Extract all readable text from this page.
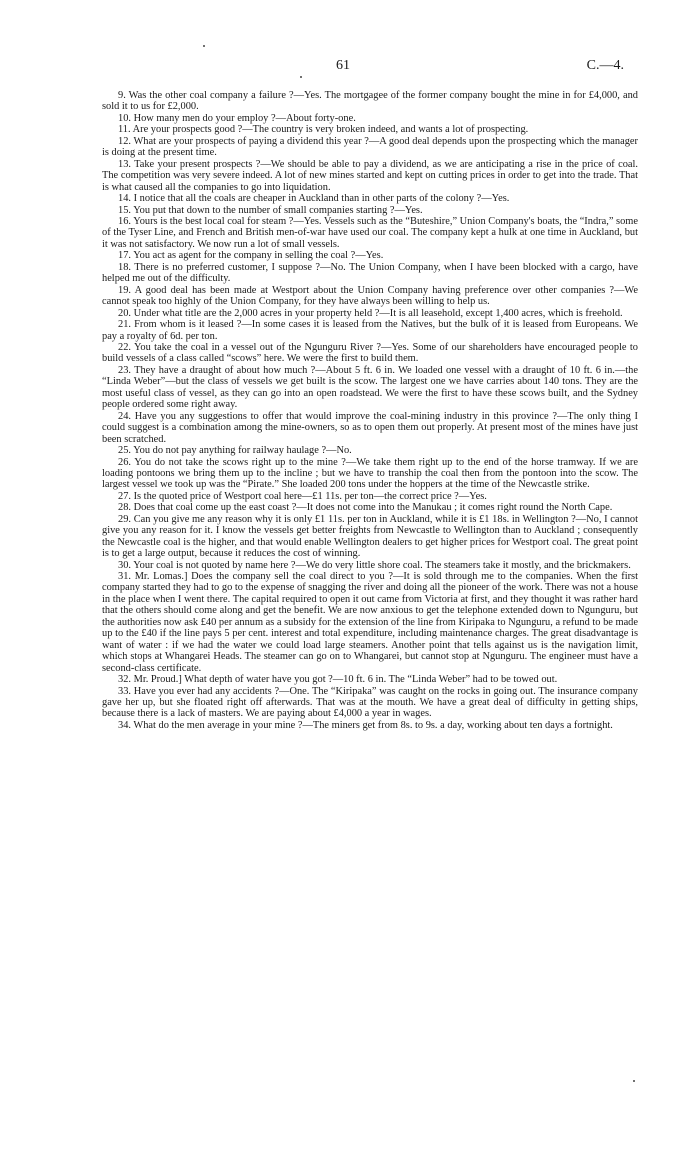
61	C.—4.

9. Was the other coal company a failure ?—Yes. The mortgagee of the former company bought the mine in for £4,000, and sold it to us for £2,000.

10. How many men do your employ ?—About forty-one.

11. Are your prospects good ?—The country is very broken indeed, and wants a lot of prospecting.

12. What are your prospects of paying a dividend this year ?—A good deal depends upon the prospecting which the manager is doing at the present time.

13. Take your present prospects ?—We should be able to pay a dividend, as we are anticipating a rise in the price of coal. The competition was very severe indeed. A lot of new mines started and kept on cutting prices in order to get into the trade. That is what caused all the companies to go into liquidation.

14. I notice that all the coals are cheaper in Auckland than in other parts of the colony ?—Yes.

15. You put that down to the number of small companies starting ?—Yes.

16. Yours is the best local coal for steam ?—Yes. Vessels such as the “Buteshire,” Union Company's boats, the “Indra,” some of the Tyser Line, and French and British men-of-war have used our coal. The company kept a hulk at one time in Auckland, but it was not satisfactory. We now run a lot of small vessels.

17. You act as agent for the company in selling the coal ?—Yes.

18. There is no preferred customer, I suppose ?—No. The Union Company, when I have been blocked with a cargo, have helped me out of the difficulty.

19. A good deal has been made at Westport about the Union Company having preference over other companies ?—We cannot speak too highly of the Union Company, for they have always been willing to help us.

20. Under what title are the 2,000 acres in your property held ?—It is all leasehold, except 1,400 acres, which is freehold.

21. From whom is it leased ?—In some cases it is leased from the Natives, but the bulk of it is leased from Europeans. We pay a royalty of 6d. per ton.

22. You take the coal in a vessel out of the Ngunguru River ?—Yes. Some of our shareholders have encouraged people to build vessels of a class called “scows” here. We were the first to build them.

23. They have a draught of about how much ?—About 5 ft. 6 in. We loaded one vessel with a draught of 10 ft. 6 in.—the “Linda Weber”—but the class of vessels we get built is the scow. The largest one we have carries about 140 tons. They are the most useful class of vessel, as they can go into an open roadstead. We were the first to have these scows built, and the Sydney people ordered some right away.

24. Have you any suggestions to offer that would improve the coal-mining industry in this province ?—The only thing I could suggest is a combination among the mine-owners, so as to open them out properly. At present most of the mines have just been scratched.

25. You do not pay anything for railway haulage ?—No.

26. You do not take the scows right up to the mine ?—We take them right up to the end of the horse tramway. If we are loading pontoons we bring them up to the incline ; but we have to tranship the coal then from the pontoon into the scow. The largest vessel we took up was the “Pirate.” She loaded 200 tons under the hoppers at the time of the Newcastle strike.

27. Is the quoted price of Westport coal here—£1 11s. per ton—the correct price ?—Yes.

28. Does that coal come up the east coast ?—It does not come into the Manukau ; it comes right round the North Cape.

29. Can you give me any reason why it is only £1 11s. per ton in Auckland, while it is £1 18s. in Wellington ?—No, I cannot give you any reason for it. I know the vessels get better freights from Newcastle to Wellington than to Auckland ; consequently the Newcastle coal is the higher, and that would enable Wellington dealers to get higher prices for Westport coal. The great point is to get a large output, because it reduces the cost of winning.

30. Your coal is not quoted by name here ?—We do very little shore coal. The steamers take it mostly, and the brickmakers.

31. Mr. Lomas.] Does the company sell the coal direct to you ?—It is sold through me to the companies. When the first company started they had to go to the expense of snagging the river and doing all the pioneer of the work. There was not a house in the place when I went there. The capital required to open it out came from Victoria at first, and they thought it was rather hard that the others should come along and get the benefit. We are now anxious to get the telephone extended down to Ngunguru, but the authorities now ask £40 per annum as a subsidy for the extension of the line from Kiripaka to Ngunguru, a refund to be made up to the £40 if the line pays 5 per cent. interest and total expenditure, including maintenance charges. The great disadvantage is want of water : if we had the water we could load large steamers. Another point that tells against us is the navigation limit, which stops at Whangarei Heads. The steamer can go on to Whangarei, but cannot stop at Ngunguru. The engineer must have a second-class certificate.

32. Mr. Proud.] What depth of water have you got ?—10 ft. 6 in. The “Linda Weber” had to be towed out.

33. Have you ever had any accidents ?—One. The “Kiripaka” was caught on the rocks in going out. The insurance company gave her up, but she floated right off afterwards. That was at the mouth. We have a great deal of difficulty in getting ships, because there is a lack of masters. We are paying about £4,000 a year in wages.

34. What do the men average in your mine ?—The miners get from 8s. to 9s. a day, working about ten days a fortnight.
